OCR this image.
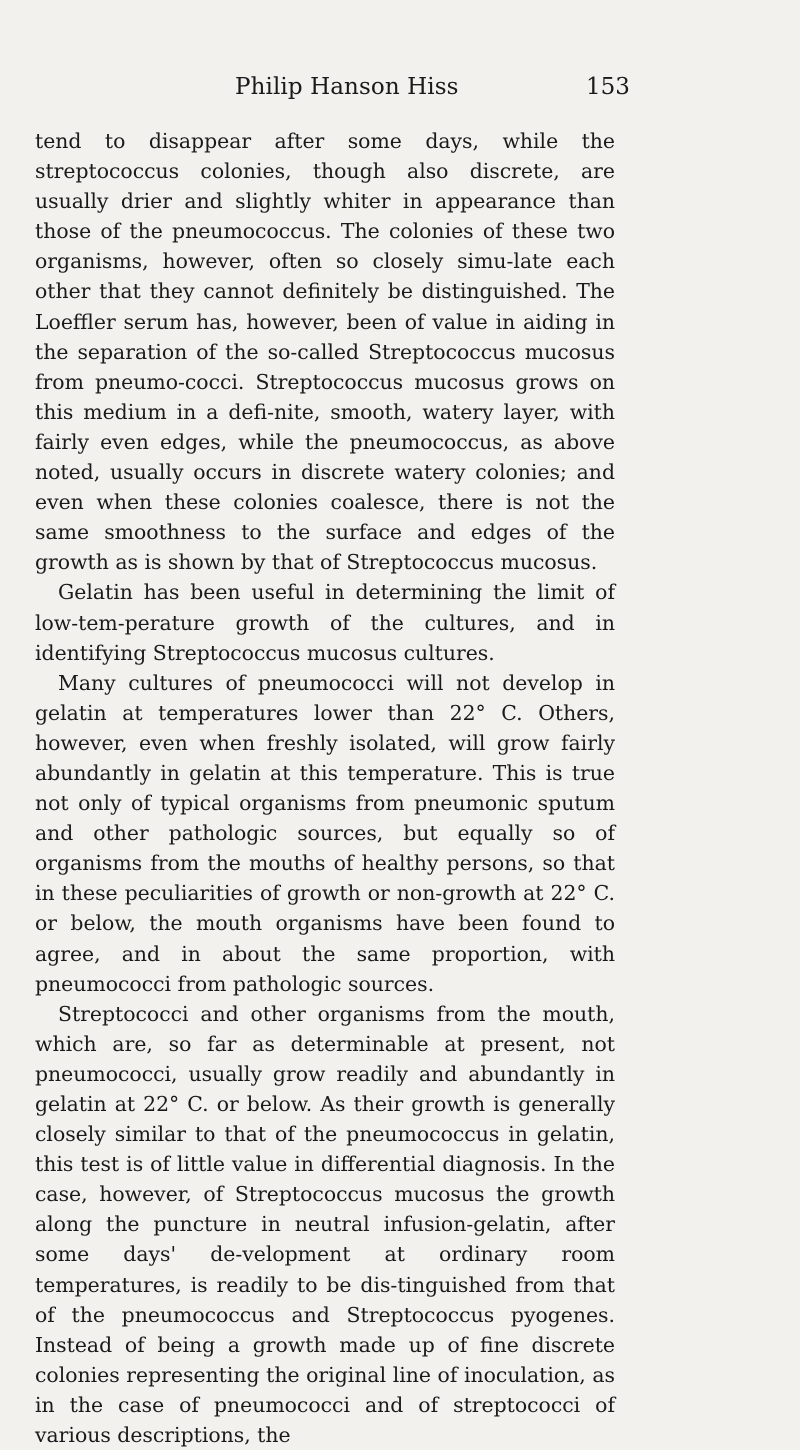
Philip Hanson Hiss	153

tend to disappear after some days, while the streptococcus colonies, though also discrete, are usually drier and slightly whiter in appearance than those of the pneumococcus. The colonies of these two organisms, however, often so closely simu-late each other that they cannot definitely be distinguished. The Loeffler serum has, however, been of value in aiding in the separation of the so-called Streptococcus mucosus from pneumo-cocci. Streptococcus mucosus grows on this medium in a defi-nite, smooth, watery layer, with fairly even edges, while the pneumococcus, as above noted, usually occurs in discrete watery colonies; and even when these colonies coalesce, there is not the same smoothness to the surface and edges of the growth as is shown by that of Streptococcus mucosus.

Gelatin has been useful in determining the limit of low-tem-perature growth of the cultures, and in identifying Streptococcus mucosus cultures.

Many cultures of pneumococci will not develop in gelatin at temperatures lower than 22° C. Others, however, even when freshly isolated, will grow fairly abundantly in gelatin at this temperature. This is true not only of typical organisms from pneumonic sputum and other pathologic sources, but equally so of organisms from the mouths of healthy persons, so that in these peculiarities of growth or non-growth at 22° C. or below, the mouth organisms have been found to agree, and in about the same proportion, with pneumococci from pathologic sources.

Streptococci and other organisms from the mouth, which are, so far as determinable at present, not pneumococci, usually grow readily and abundantly in gelatin at 22° C. or below. As their growth is generally closely similar to that of the pneumococcus in gelatin, this test is of little value in differential diagnosis. In the case, however, of Streptococcus mucosus the growth along the puncture in neutral infusion-gelatin, after some days' de-velopment at ordinary room temperatures, is readily to be dis-tinguished from that of the pneumococcus and Streptococcus pyogenes. Instead of being a growth made up of fine discrete colonies representing the original line of inoculation, as in the case of pneumococci and of streptococci of various descriptions, the
